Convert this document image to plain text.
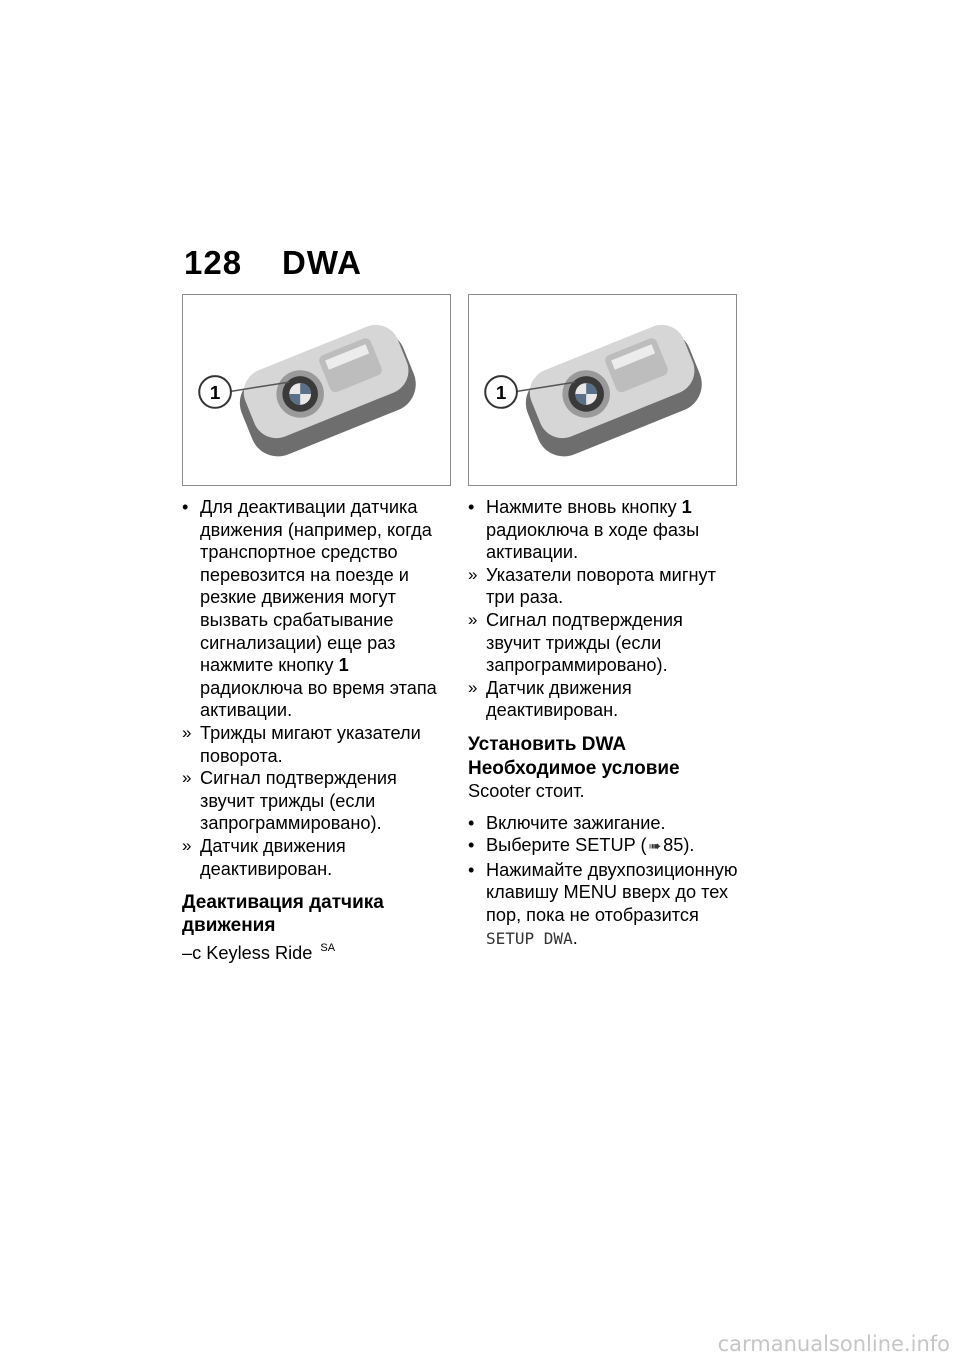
128 DWA
1	1

• Для деактивации датчика движения (например, когда транспортное средство перевозится на поезде и резкие движения могут вызвать срабатывание сигнализации) еще раз нажмите кнопку 1 радиоключа во время этапа активации.

» Трижды мигают указатели поворота.

» Сигнал подтверждения звучит трижды (если запрограммировано).

» Датчик движения деактивирован.

Деактивация датчика движения

–с Keyless Ride $^{SA}$

• Нажмите вновь кнопку 1 радиоключа в ходе фазы активации.

» Указатели поворота мигнут три раза.

» Сигнал подтверждения звучит трижды (если запрограммировано).

» Датчик движения деактивирован.

Установить DWA
Необходимое условие

Scooter стоит.

• Включите зажигание.

• Выберите SETUP ( ➠ 85).

• Нажимайте двухпозиционную клавишу MENU вверх до тех пор, пока не отобразится SETUP DWA.

carmanualsonline.info
